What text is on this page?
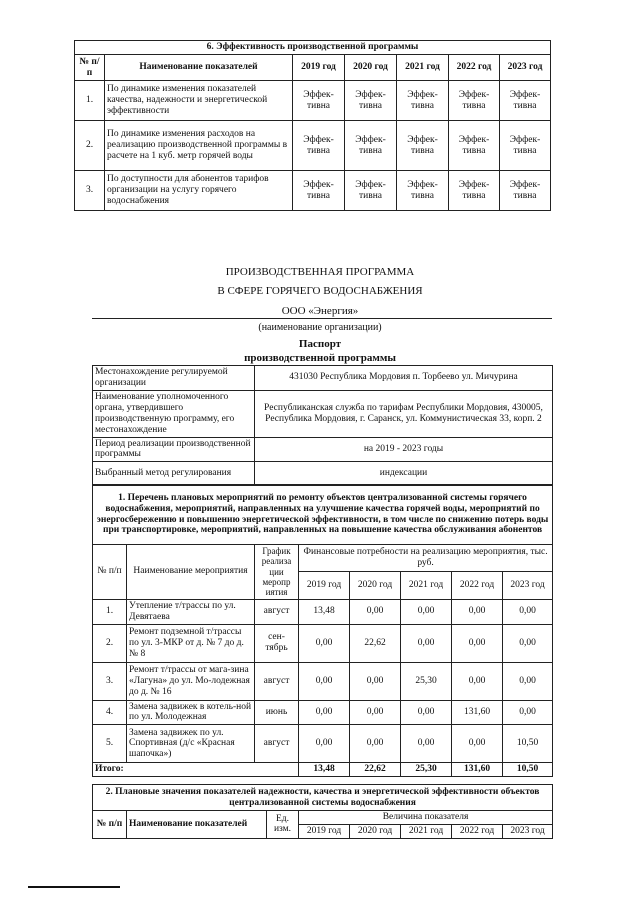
6. Эффективность производственной программы						
№ п/п	Наименование показателей	2019 год	2020 год	2021 год	2022 год	2023 год
1.	По динамике изменения показателей качества, надежности и энергетической эффективности	Эффек-тивна	Эффек-тивна	Эффек-тивна	Эффек-тивна	Эффек-тивна
2.	По динамике изменения расходов на реализацию производственной программы в расчете на 1 куб. метр горячей воды	Эффек-тивна	Эффек-тивна	Эффек-тивна	Эффек-тивна	Эффек-тивна
3.	По доступности для абонентов тарифов организации на услугу горячего водоснабжения	Эффек-тивна	Эффек-тивна	Эффек-тивна	Эффек-тивна	Эффек-тивна
ПРОИЗВОДСТВЕННАЯ ПРОГРАММА
В СФЕРЕ ГОРЯЧЕГО ВОДОСНАБЖЕНИЯ
ООО «Энергия»
(наименование организации)
Паспорт
производственной программы
Местонахождение регулируемой организации	431030 Республика Мордовия п. Торбеево ул. Мичурина
Наименование уполномоченного органа, утвердившего производственную программу, его местонахождение	Республиканская служба по тарифам Республики Мордовия, 430005, Республика Мордовия, г. Саранск, ул. Коммунистическая 33, корп. 2
Период реализации производственной программы	на 2019 - 2023 годы
Выбранный метод регулирования	индексации
1. Перечень плановых мероприятий по ремонту объектов централизованной системы горячего водоснабжения, мероприятий, направленных на улучшение качества горячей воды, мероприятий по энергосбережению и повышению энергетической эффективности, в том числе по снижению потерь воды при транспортировке, мероприятий, направленных на повышение качества обслуживания абонентов							
№ п/п	Наименование мероприятия	График реализа ции меропр иятия	Финансовые потребности на реализацию мероприятия, тыс. руб.				
			2019 год	2020 год	2021 год	2022 год	2023 год
1.	Утепление т/трассы по ул. Девятаева	август	13,48	0,00	0,00	0,00	0,00
2.	Ремонт подземной т/трассы по ул. 3-МКР от д. № 7 до д. № 8	сен-тябрь	0,00	22,62	0,00	0,00	0,00
3.	Ремонт т/трассы от мага-зина «Лагуна» до ул. Мо-лодежная до д. № 16	август	0,00	0,00	25,30	0,00	0,00
4.	Замена задвижек в котель-ной по ул. Молодежная	июнь	0,00	0,00	0,00	131,60	0,00
5.	Замена задвижек по ул. Спортивная (д/с «Красная шапочка»)	август	0,00	0,00	0,00	0,00	10,50
Итого:			13,48	22,62	25,30	131,60	10,50
2. Плановые значения показателей надежности, качества и энергетической эффективности объектов централизованной системы водоснабжения							
№ п/п	Наименование показателей	Ед. изм.	Величина показателя				
			2019 год	2020 год	2021 год	2022 год	2023 год
